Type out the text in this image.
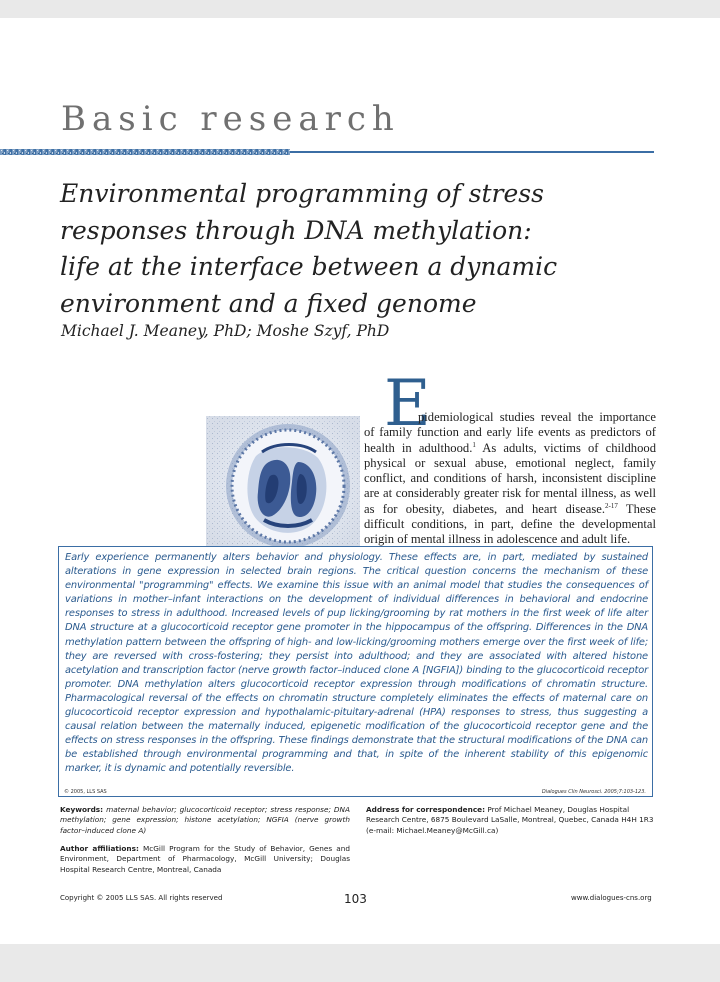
Basic research
Environmental programming of stress
responses through DNA methylation:
life at the interface between a dynamic
environment and a fixed genome
Michael J. Meaney, PhD; Moshe Szyf, PhD
E

pidemiological studies reveal the importance of family function and early life events as predictors of health in adulthood.$^1$ As adults, victims of childhood physical or sexual abuse, emotional neglect, family conflict, and conditions of harsh, inconsistent discipline are at considerably greater risk for mental illness, as well as for obesity, diabetes, and heart disease.$^{2-17}$ These difficult conditions, in part, define the developmental origin of mental illness in adolescence and adult life.

Early experience permanently alters behavior and physiology. These effects are, in part, mediated by sustained alterations in gene expression in selected brain regions. The critical question concerns the mechanism of these environmental "programming" effects. We examine this issue with an animal model that studies the consequences of variations in mother–infant interactions on the development of individual differences in behavioral and endocrine responses to stress in adulthood. Increased levels of pup licking/grooming by rat mothers in the first week of life alter DNA structure at a glucocorticoid receptor gene promoter in the hippocampus of the offspring. Differences in the DNA methylation pattern between the offspring of high- and low-licking/grooming mothers emerge over the first week of life; they are reversed with cross-fostering; they persist into adulthood; and they are associated with altered histone acetylation and transcription factor (nerve growth factor–induced clone A [NGFIA]) binding to the glucocorticoid receptor promoter. DNA methylation alters glucocorticoid receptor expression through modifications of chromatin structure. Pharmacological reversal of the effects on chromatin structure completely eliminates the effects of maternal care on glucocorticoid receptor expression and hypothalamic-pituitary-adrenal (HPA) responses to stress, thus suggesting a causal relation between the maternally induced, epigenetic modification of the glucocorticoid receptor gene and the effects on stress responses in the offspring. These findings demonstrate that the structural modifications of the DNA can be established through environmental programming and that, in spite of the inherent stability of this epigenomic marker, it is dynamic and potentially reversible.

© 2005, LLS SAS	Dialogues Clin Neurosci. 2005;7:103-123.

Keywords: maternal behavior; glucocorticoid receptor; stress response; DNA methylation; gene expression; histone acetylation; NGFIA (nerve growth factor–induced clone A)

Address for correspondence: Prof Michael Meaney, Douglas Hospital Research Centre, 6875 Boulevard LaSalle, Montreal, Quebec, Canada H4H 1R3 (e-mail: Michael.Meaney@McGill.ca)

Author affiliations: McGill Program for the Study of Behavior, Genes and Environment, Department of Pharmacology, McGill University; Douglas Hospital Research Centre, Montreal, Canada

Copyright © 2005 LLS SAS. All rights reserved	103	www.dialogues-cns.org
